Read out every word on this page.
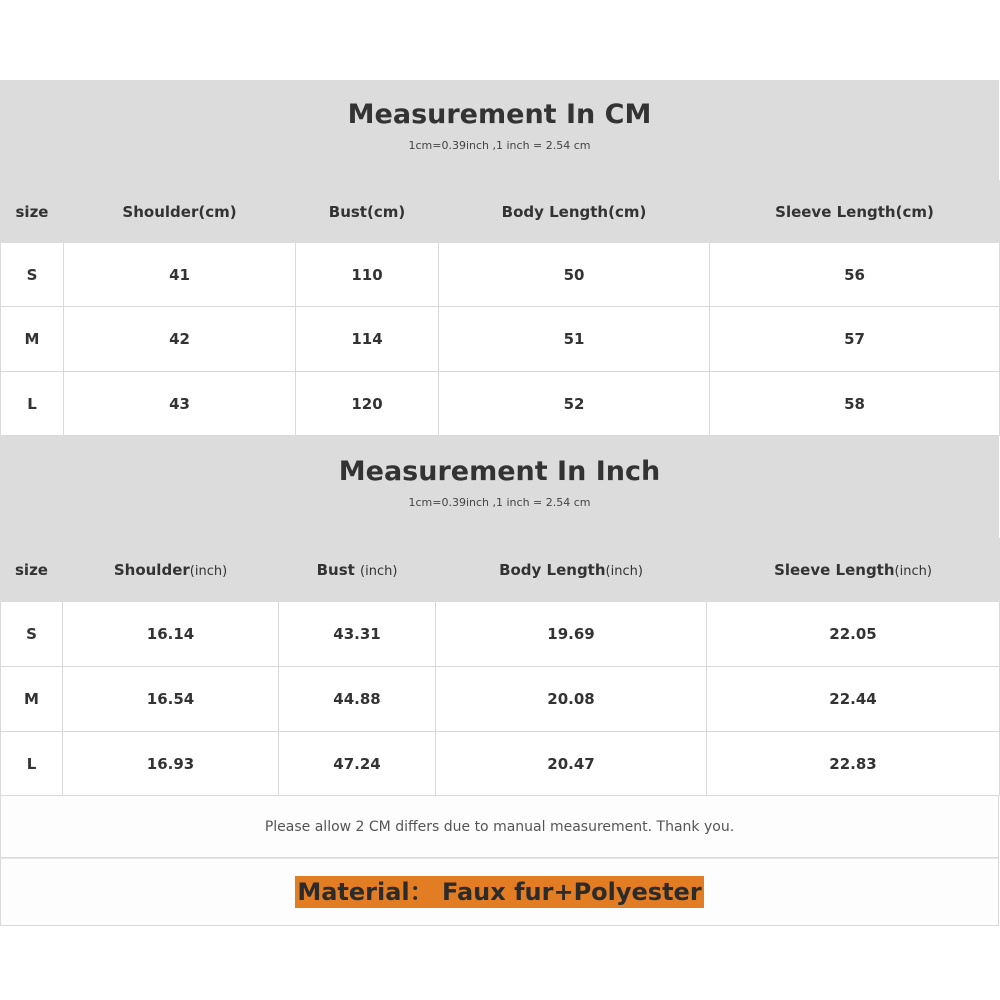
Measurement In CM
1cm=0.39inch ,1 inch = 2.54 cm
size	Shoulder(cm)	Bust(cm)	Body Length(cm)	Sleeve Length(cm)
S	41	110	50	56
M	42	114	51	57
L	43	120	52	58
Measurement In Inch
1cm=0.39inch ,1 inch = 2.54 cm
size	Shoulder(inch)	Bust (inch)	Body Length(inch)	Sleeve Length(inch)
S	16.14	43.31	19.69	22.05
M	16.54	44.88	20.08	22.44
L	16.93	47.24	20.47	22.83
Please allow 2 CM differs due to manual measurement. Thank you.
Material： Faux fur+Polyester
